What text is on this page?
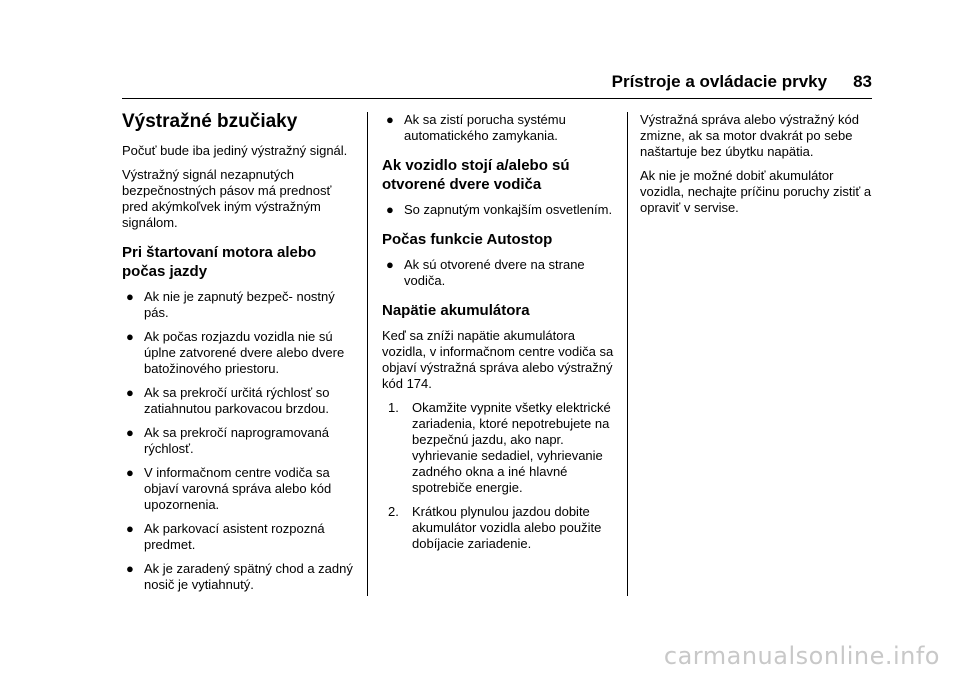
Prístroje a ovládacie prvky 83
Výstražné bzučiaky

Počuť bude iba jediný výstražný signál.

Výstražný signál nezapnutých bezpečnostných pásov má prednosť pred akýmkoľvek iným výstražným signálom.

Pri štartovaní motora alebo počas jazdy
● Ak nie je zapnutý bezpeč‐ nostný pás.
● Ak počas rozjazdu vozidla nie sú úplne zatvorené dvere alebo dvere batožinového priestoru.
● Ak sa prekročí určitá rýchlosť so zatiahnutou parkovacou brzdou.
● Ak sa prekročí naprogramovaná rýchlosť.
● V informačnom centre vodiča sa objaví varovná správa alebo kód upozornenia.
● Ak parkovací asistent rozpozná predmet.
● Ak je zaradený spätný chod a zadný nosič je vytiahnutý.
● Ak sa zistí porucha systému automatického zamykania.
Ak vozidlo stojí a/alebo sú otvorené dvere vodiča
● So zapnutým vonkajším osvetlením.
Počas funkcie Autostop
● Ak sú otvorené dvere na strane vodiča.
Napätie akumulátora

Keď sa zníži napätie akumulátora vozidla, v informačnom centre vodiča sa objaví výstražná správa alebo výstražný kód 174.

1. Okamžite vypnite všetky elektrické zariadenia, ktoré nepotrebujete na bezpečnú jazdu, ako napr. vyhrievanie sedadiel, vyhrievanie zadného okna a iné hlavné spotrebiče energie.
2. Krátkou plynulou jazdou dobite akumulátor vozidla alebo použite dobíjacie zariadenie.

Výstražná správa alebo výstražný kód zmizne, ak sa motor dvakrát po sebe naštartuje bez úbytku napätia.

Ak nie je možné dobiť akumulátor vozidla, nechajte príčinu poruchy zistiť a opraviť v servise.

carmanualsonline.info
